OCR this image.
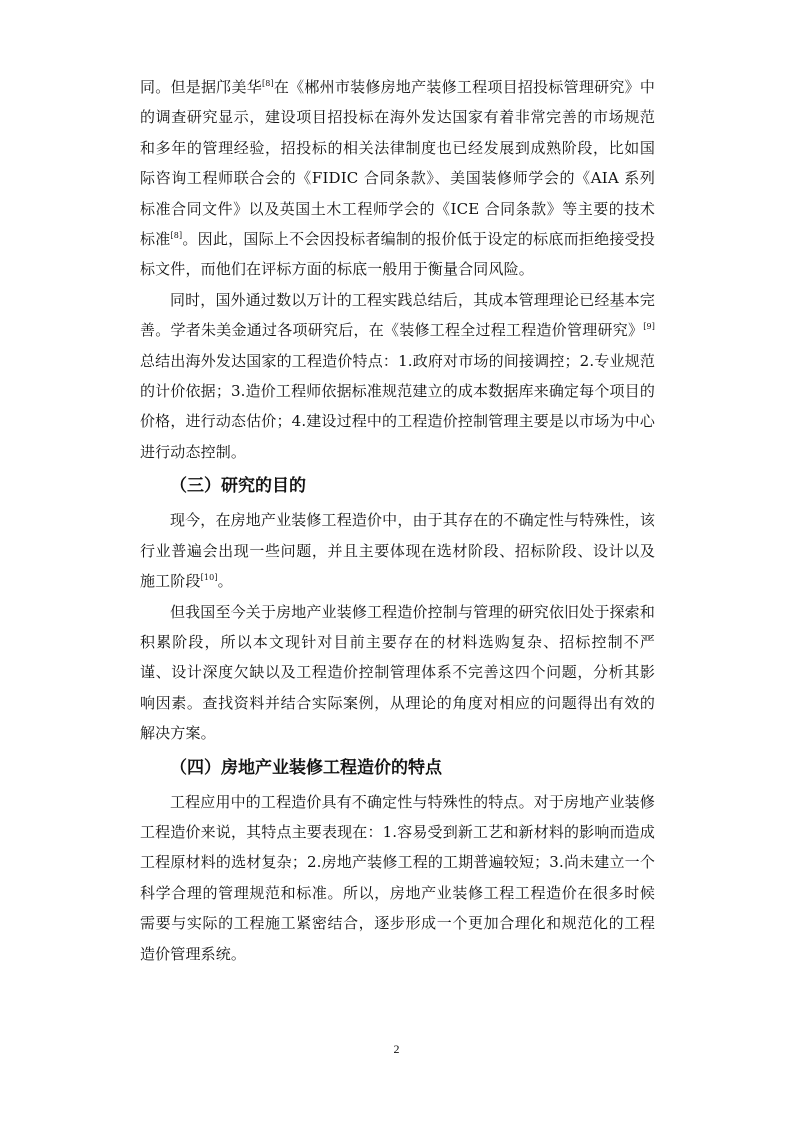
同。但是据邝美华[8]在《郴州市装修房地产装修工程项目招投标管理研究》中的调查研究显示，建设项目招投标在海外发达国家有着非常完善的市场规范和多年的管理经验，招投标的相关法律制度也已经发展到成熟阶段，比如国际咨询工程师联合会的《FIDIC 合同条款》、美国装修师学会的《AIA 系列标准合同文件》以及英国土木工程师学会的《ICE 合同条款》等主要的技术标准[8]。因此，国际上不会因投标者编制的报价低于设定的标底而拒绝接受投标文件，而他们在评标方面的标底一般用于衡量合同风险。

同时，国外通过数以万计的工程实践总结后，其成本管理理论已经基本完善。学者朱美金通过各项研究后，在《装修工程全过程工程造价管理研究》[9]总结出海外发达国家的工程造价特点：1.政府对市场的间接调控；2.专业规范的计价依据；3.造价工程师依据标准规范建立的成本数据库来确定每个项目的价格，进行动态估价；4.建设过程中的工程造价控制管理主要是以市场为中心进行动态控制。

（三）研究的目的

现今，在房地产业装修工程造价中，由于其存在的不确定性与特殊性，该行业普遍会出现一些问题，并且主要体现在选材阶段、招标阶段、设计以及施工阶段[10]。

但我国至今关于房地产业装修工程造价控制与管理的研究依旧处于探索和积累阶段，所以本文现针对目前主要存在的材料选购复杂、招标控制不严谨、设计深度欠缺以及工程造价控制管理体系不完善这四个问题，分析其影响因素。查找资料并结合实际案例，从理论的角度对相应的问题得出有效的解决方案。

（四）房地产业装修工程造价的特点

工程应用中的工程造价具有不确定性与特殊性的特点。对于房地产业装修工程造价来说，其特点主要表现在：1.容易受到新工艺和新材料的影响而造成工程原材料的选材复杂；2.房地产装修工程的工期普遍较短；3.尚未建立一个科学合理的管理规范和标准。所以，房地产业装修工程工程造价在很多时候需要与实际的工程施工紧密结合，逐步形成一个更加合理化和规范化的工程造价管理系统。

2
